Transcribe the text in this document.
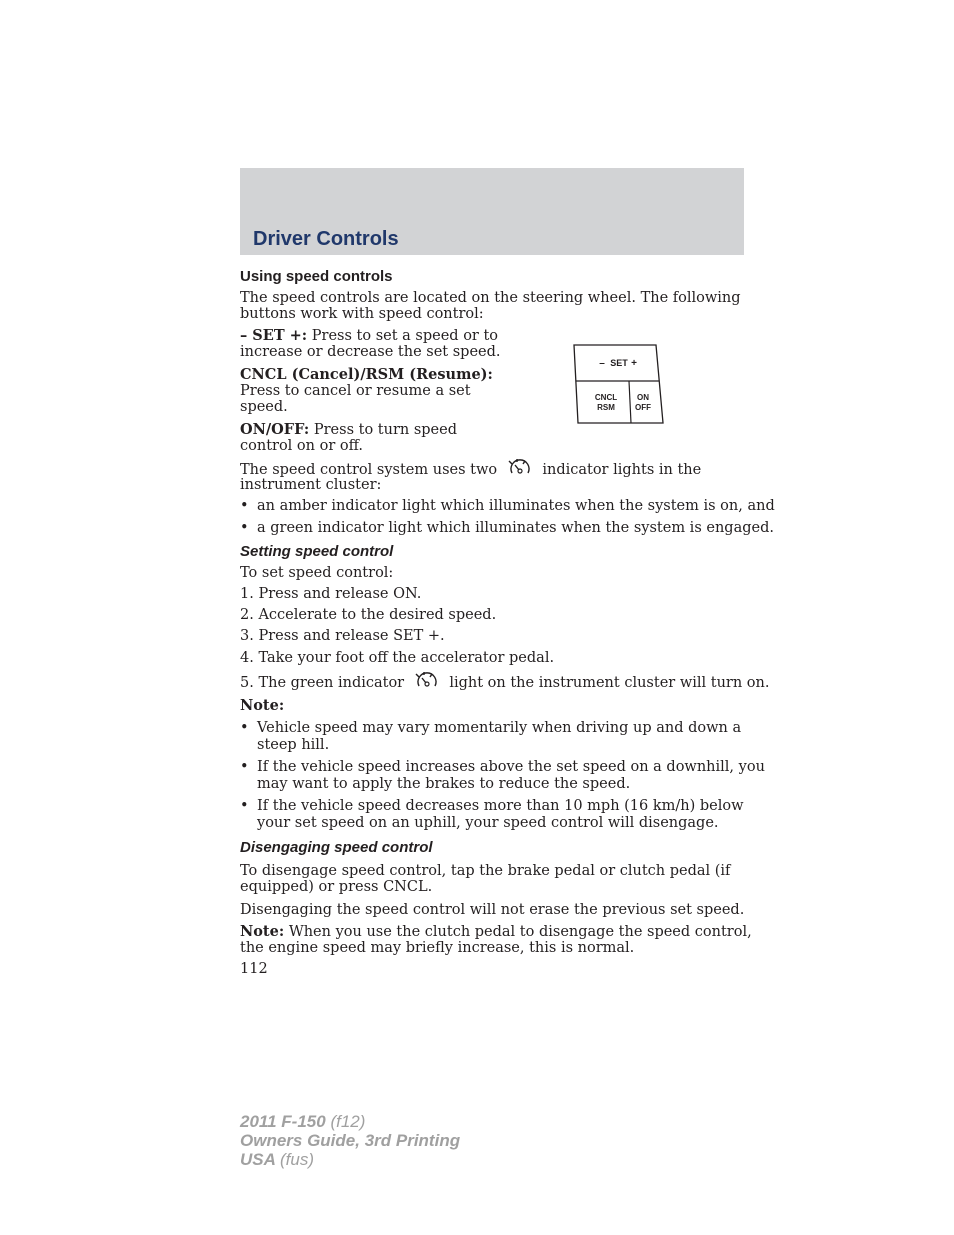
Driver Controls
Using speed controls
The speed controls are located on the steering wheel. The following
buttons work with speed control:
– SET +: Press to set a speed or to
increase or decrease the set speed.
CNCL (Cancel)/RSM (Resume):
Press to cancel or resume a set
speed.
ON/OFF: Press to turn speed
control on or off.
– SET +
CNCL
RSM
ON
OFF
The speed control system uses two	indicator lights in the
instrument cluster:
• an amber indicator light which illuminates when the system is on, and
• a green indicator light which illuminates when the system is engaged.
Setting speed control
To set speed control:
1. Press and release ON.
2. Accelerate to the desired speed.
3. Press and release SET +.
4. Take your foot off the accelerator pedal.
5. The green indicator	light on the instrument cluster will turn on.
Note:
• Vehicle speed may vary momentarily when driving up and down a
steep hill.
• If the vehicle speed increases above the set speed on a downhill, you
may want to apply the brakes to reduce the speed.
• If the vehicle speed decreases more than 10 mph (16 km/h) below
your set speed on an uphill, your speed control will disengage.
Disengaging speed control
To disengage speed control, tap the brake pedal or clutch pedal (if
equipped) or press CNCL.
Disengaging the speed control will not erase the previous set speed.
Note: When you use the clutch pedal to disengage the speed control,
the engine speed may briefly increase, this is normal.
112
2011 F-150 (f12)
Owners Guide, 3rd Printing
USA (fus)
